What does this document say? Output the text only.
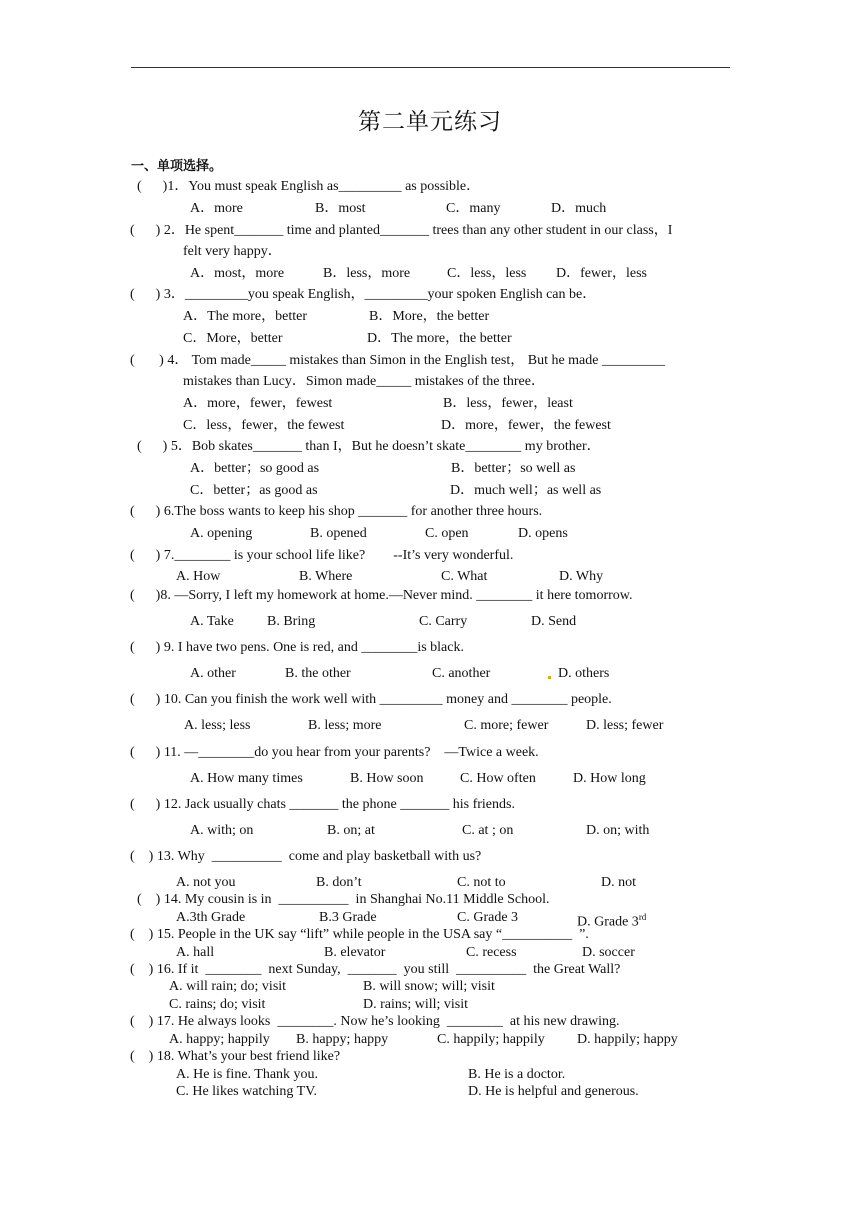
第二单元练习
一、单项选择。
(      )1．You must speak English as_________ as possible．
A．more	B．most	C．many	D．much
(      ) 2．He spent_______ time and planted_______ trees than any other student in our class，I
felt very happy．
A．most，more	B．less，more	C．less，less D．fewer，less
(      ) 3．_________you speak English，_________your spoken English can be．
A．The more，better	B．More，the better
C．More，better	D．The more，the better
(       ) 4． Tom made_____ mistakes than Simon in the English test， But he made _________
mistakes than Lucy．Simon made_____ mistakes of the three．
A．more，fewer，fewest	B．less，fewer，least
C．less，fewer，the fewest	D．more，fewer，the fewest
(      ) 5．Bob skates_______ than I，But he doesn’t skate________ my brother．
A．better；so good as	B．better；so well as
C．better；as good as	D．much well；as well as
(      ) 6.The boss wants to keep his shop _______ for another three hours.
A. opening	B. opened	C. open	D. opens
(      ) 7.________ is your school life like?        --It’s very wonderful.
A. How	B. Where	C. What	D. Why
(      )8. —Sorry, I left my homework at home.—Never mind. ________ it here tomorrow.
A. Take B. Bring	C. Carry	D. Send
(      ) 9. I have two pens. One is red, and ________is black.
A. other	B. the other	C. another	D. others
(      ) 10. Can you finish the work well with _________ money and ________ people.
A. less; less	B. less; more	C. more; fewer	D. less; fewer
(      ) 11. —________do you hear from your parents?    —Twice a week.
A. How many times	B. How soon	C. How often	D. How long
(      ) 12. Jack usually chats _______ the phone _______ his friends.
A. with; on	B. on; at	C. at ; on	D. on; with
(    ) 13. Why  __________  come and play basketball with us?
A. not you	B. don’t	C. not to	D. not
(    ) 14. My cousin is in  __________  in Shanghai No.11 Middle School.
A.3th Grade	B.3 Grade	C. Grade 3	D. Grade 3rd
(    ) 15. People in the UK say “lift” while people in the USA say “__________  ”.
A. hall	B. elevator	C. recess	D. soccer
(    ) 16. If it  ________  next Sunday,  _______  you still  __________  the Great Wall?
A. will rain; do; visit	B. will snow; will; visit
C. rains; do; visit	D. rains; will; visit
(    ) 17. He always looks  ________. Now he’s looking  ________  at his new drawing.
A. happy; happily B. happy; happy	C. happily; happily D. happily; happy
(    ) 18. What’s your best friend like?
A. He is fine. Thank you.	B. He is a doctor.
C. He likes watching TV.	D. He is helpful and generous.
